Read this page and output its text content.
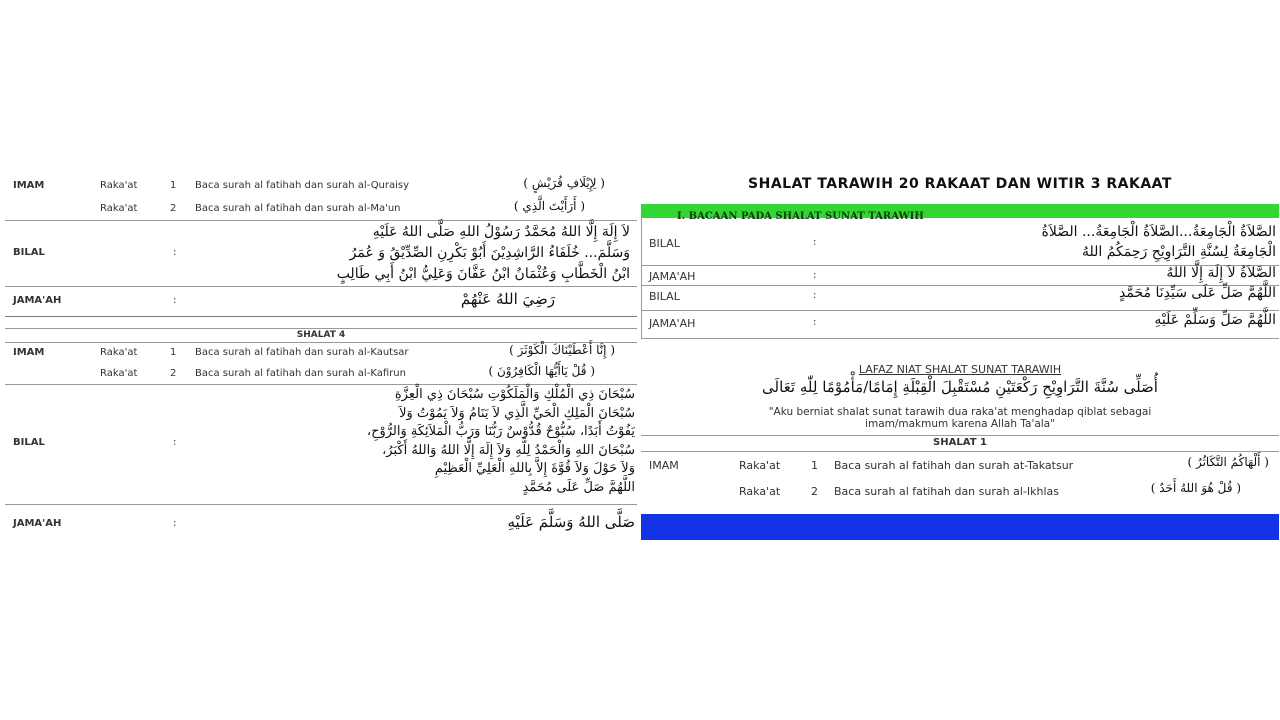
IMAM	Raka'at	1 Baca surah al fatihah dan surah al-Quraisy	( لِإِيْلَافِ قُرَيْشٍ )
Raka'at	2 Baca surah al fatihah dan surah al-Ma'un	( أَرَأَيْتَ الَّذِي )
BILAL	:
لاَ إِلَهَ إِلَّا اللهُ مُحَمَّدٌ رَسُوْلُ اللهِ صَلَّى اللهُ عَلَيْهِ
وَسَلَّمَ... خُلَفَاءُ الرَّاشِدِيْنَ أَبُوْ بَكْرِنِ الصِّدِّيْقُ وَ عُمَرُ
ابْنُ الْخَطَّابِ وَعُثْمَانُ ابْنُ عَفَّانَ وَعَلِيُّ ابْنُ أَبِي طَالِبٍ
JAMA'AH	:	رَضِيَ اللهُ عَنْهُمْ
SHALAT 4
IMAM	Raka'at	1 Baca surah al fatihah dan surah al-Kautsar	( إِنَّا أَعْطَيْنَاكَ الْكَوْثَرَ )
Raka'at	2 Baca surah al fatihah dan surah al-Kafirun	( قُلْ يَاأَيُّهَا الْكَافِرُوْنَ )
BILAL	:
سُبْحَانَ ذِي الْمُلْكِ وَالْمَلَكُوْتِ سُبْحَانَ ذِي الْعِزَّةِ
سُبْحَانَ الْمَلِكِ الْحَيِّ الَّذِي لاَ يَنَامُ وَلاَ يَمُوْتُ وَلاَ
يَفُوْتُ أَبَدًا، سُبُّوْحٌ قُدُّوْسٌ رَبُّنَا وَرَبُّ الْمَلاَئِكَةِ وَالرُّوْحِ،
سُبْحَانَ اللهِ وَالْحَمْدُ لِلَّهِ وَلاَ إِلَهَ إِلَّا اللهُ وَاللهُ أَكْبَرُ،
وَلاَ حَوْلَ وَلاَ قُوَّةَ إِلاَّ بِاللهِ الْعَلِيِّ الْعَظِيْمِ
اللَّهُمَّ صَلِّ عَلَى مُحَمَّدٍ
JAMA'AH	:	صَلَّى اللهُ وَسَلَّمَ عَلَيْهِ
SHALAT TARAWIH 20 RAKAAT DAN WITIR 3 RAKAAT
I. BACAAN PADA SHALAT SUNAT TARAWIH
BILAL	:
الصَّلاَةُ الْجَامِعَةُ...الصَّلاَةُ الْجَامِعَةُ... الصَّلاَةُ
الْجَامِعَةُ لِسُنَّةِ التَّرَاوِيْحِ رَحِمَكُمُ اللهُ
JAMA'AH	:	الصَّلاَةُ لاَ إِلَهَ إِلَّا اللهُ
BILAL	:	اللَّهُمَّ صَلِّ عَلَى سَيِّدِنَا مُحَمَّدٍ
JAMA'AH	:	اللَّهُمَّ صَلِّ وَسَلِّمْ عَلَيْهِ
LAFAZ NIAT SHALAT SUNAT TARAWIH
أُصَلِّى سُنَّةَ التَّرَاوِيْحِ رَكْعَتَيْنِ مُسْتَقْبِلَ الْقِبْلَةِ إِمَامًا/مَأْمُوْمًا لِلّٰهِ تَعَالَى
"Aku berniat shalat sunat tarawih dua raka'at menghadap qiblat sebagai
imam/makmum karena Allah Ta'ala"
SHALAT 1
IMAM	Raka'at	1 Baca surah al fatihah dan surah at-Takatsur	( أَلْهَاكُمُ التَّكَاثُرُ )
Raka'at	2 Baca surah al fatihah dan surah al-Ikhlas	( قُلْ هُوَ اللهُ أَحَدٌ )
